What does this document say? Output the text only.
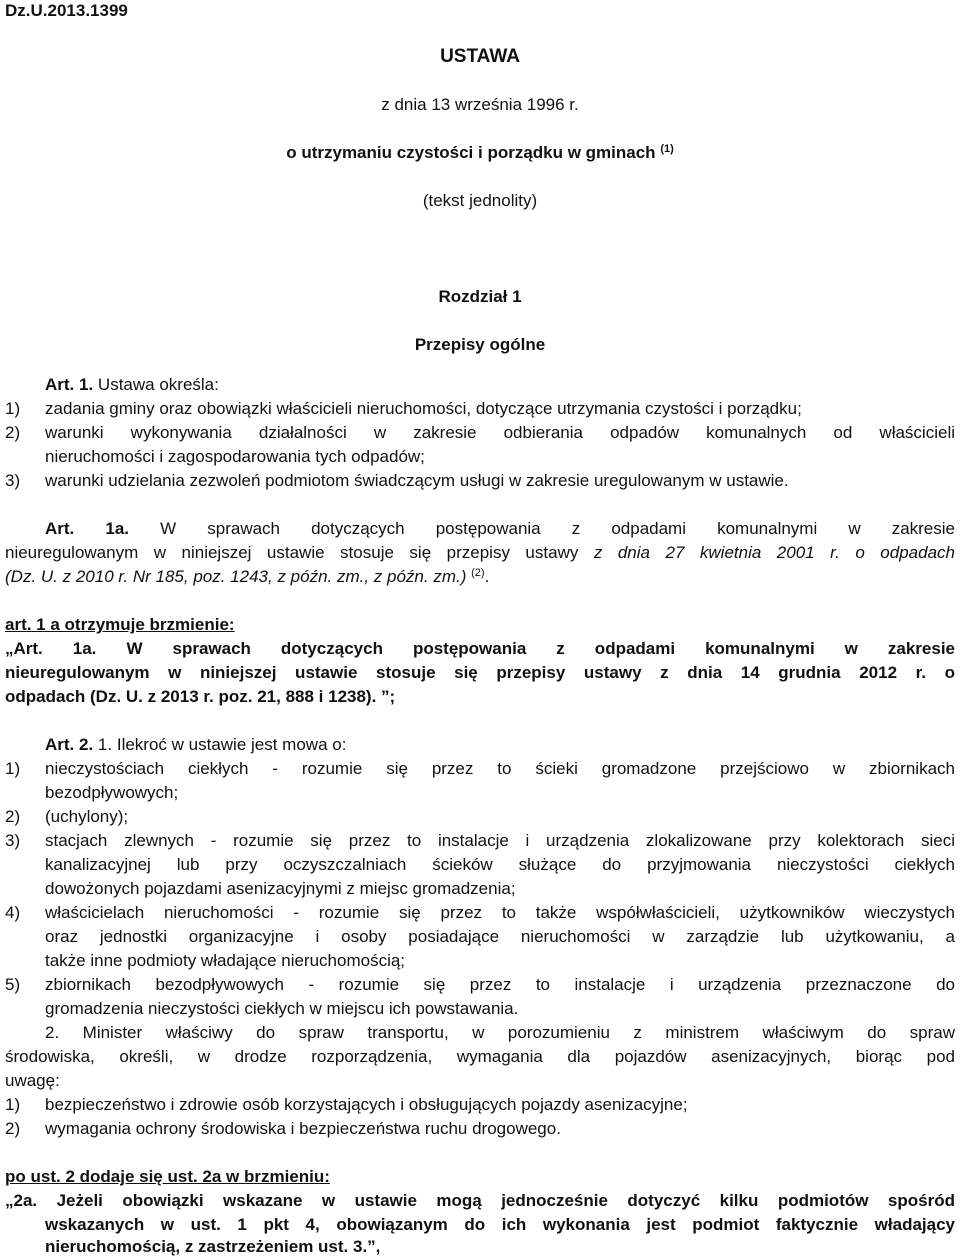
Dz.U.2013.1399
USTAWA
z dnia 13 września 1996 r.
o utrzymaniu czystości i porządku w gminach $^{(1)}$
(tekst jednolity)
Rozdział 1
Przepisy ogólne
Art. 1. Ustawa określa:
1) zadania gminy oraz obowiązki właścicieli nieruchomości, dotyczące utrzymania czystości i porządku;
2) warunki wykonywania działalności w zakresie odbierania odpadów komunalnych od właścicieli
nieruchomości i zagospodarowania tych odpadów;
3) warunki udzielania zezwoleń podmiotom świadczącym usługi w zakresie uregulowanym w ustawie.
Art. 1a. W sprawach dotyczących postępowania z odpadami komunalnymi w zakresie
nieuregulowanym w niniejszej ustawie stosuje się przepisy ustawy z dnia 27 kwietnia 2001 r. o odpadach
(Dz. U. z 2010 r. Nr 185, poz. 1243, z późn. zm., z późn. zm.) $^{(2)}$.
art. 1 a otrzymuje brzmienie:
„Art. 1a. W sprawach dotyczących postępowania z odpadami komunalnymi w zakresie
nieuregulowanym w niniejszej ustawie stosuje się przepisy ustawy z dnia 14 grudnia 2012 r. o
odpadach (Dz. U. z 2013 r. poz. 21, 888 i 1238). ”;
Art. 2. 1. Ilekroć w ustawie jest mowa o:
1) nieczystościach ciekłych - rozumie się przez to ścieki gromadzone przejściowo w zbiornikach
bezodpływowych;
2) (uchylony);
3) stacjach zlewnych - rozumie się przez to instalacje i urządzenia zlokalizowane przy kolektorach sieci
kanalizacyjnej lub przy oczyszczalniach ścieków służące do przyjmowania nieczystości ciekłych
dowożonych pojazdami asenizacyjnymi z miejsc gromadzenia;
4) właścicielach nieruchomości - rozumie się przez to także współwłaścicieli, użytkowników wieczystych
oraz jednostki organizacyjne i osoby posiadające nieruchomości w zarządzie lub użytkowaniu, a
także inne podmioty władające nieruchomością;
5) zbiornikach bezodpływowych - rozumie się przez to instalacje i urządzenia przeznaczone do
gromadzenia nieczystości ciekłych w miejscu ich powstawania.
2. Minister właściwy do spraw transportu, w porozumieniu z ministrem właściwym do spraw
środowiska, określi, w drodze rozporządzenia, wymagania dla pojazdów asenizacyjnych, biorąc pod
uwagę:
1) bezpieczeństwo i zdrowie osób korzystających i obsługujących pojazdy asenizacyjne;
2) wymagania ochrony środowiska i bezpieczeństwa ruchu drogowego.
po ust. 2 dodaje się ust. 2a w brzmieniu:
„2a. Jeżeli obowiązki wskazane w ustawie mogą jednocześnie dotyczyć kilku podmiotów spośród
wskazanych w ust. 1 pkt 4, obowiązanym do ich wykonania jest podmiot faktycznie władający
nieruchomością, z zastrzeżeniem ust. 3.”,
